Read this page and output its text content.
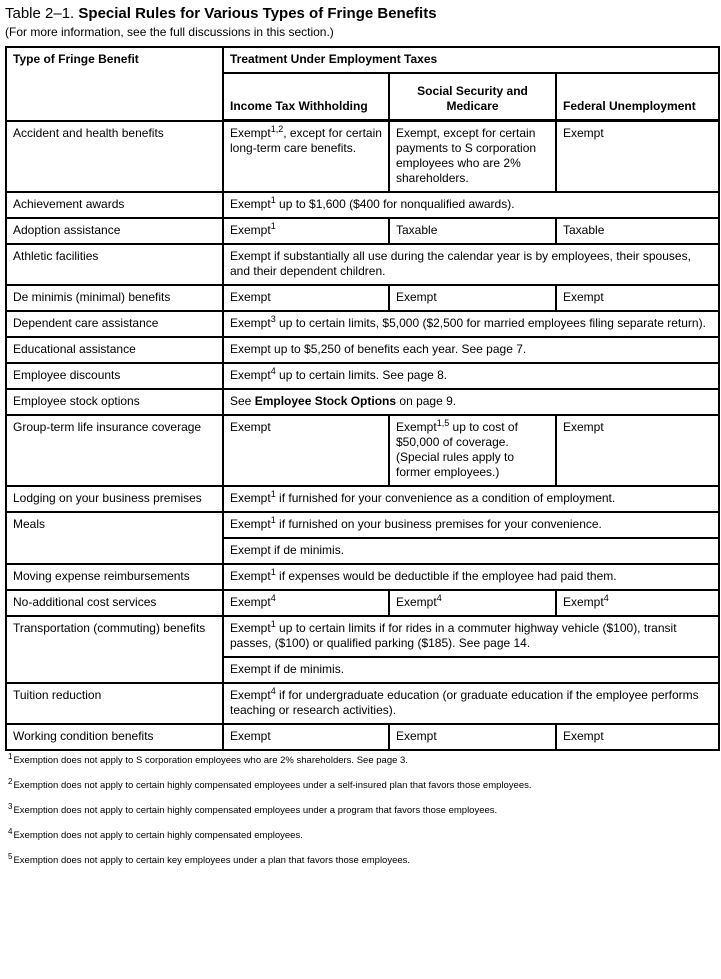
Table 2–1. Special Rules for Various Types of Fringe Benefits
(For more information, see the full discussions in this section.)
Type of Fringe Benefit	Treatment Under Employment Taxes		
	Income Tax Withholding	Social Security and Medicare	Federal Unemployment
Accident and health benefits	Exempt$^{1,2}$, except for certain long-term care benefits.	Exempt, except for certain payments to S corporation employees who are 2% shareholders.	Exempt
Achievement awards	Exempt$^1$ up to $1,600 ($400 for nonqualified awards).		
Adoption assistance	Exempt$^1$	Taxable	Taxable
Athletic facilities	Exempt if substantially all use during the calendar year is by employees, their spouses, and their dependent children.		
De minimis (minimal) benefits	Exempt	Exempt	Exempt
Dependent care assistance	Exempt$^3$ up to certain limits, $5,000 ($2,500 for married employees filing separate return).		
Educational assistance	Exempt up to $5,250 of benefits each year. See page 7.		
Employee discounts	Exempt$^4$ up to certain limits. See page 8.		
Employee stock options	See Employee Stock Options on page 9.		
Group-term life insurance coverage	Exempt	Exempt$^{1,5}$ up to cost of $50,000 of coverage. (Special rules apply to former employees.)	Exempt
Lodging on your business premises	Exempt$^1$ if furnished for your convenience as a condition of employment.		
Meals	Exempt$^1$ if furnished on your business premises for your convenience.		
	Exempt if de minimis.		
Moving expense reimbursements	Exempt$^1$ if expenses would be deductible if the employee had paid them.		
No-additional cost services	Exempt$^4$	Exempt$^4$	Exempt$^4$
Transportation (commuting) benefits	Exempt$^1$ up to certain limits if for rides in a commuter highway vehicle ($100), transit passes, ($100) or qualified parking ($185). See page 14.		
	Exempt if de minimis.		
Tuition reduction	Exempt$^4$ if for undergraduate education (or graduate education if the employee performs teaching or research activities).		
Working condition benefits	Exempt	Exempt	Exempt
$^1$Exemption does not apply to S corporation employees who are 2% shareholders. See page 3.
$^2$Exemption does not apply to certain highly compensated employees under a self-insured plan that favors those employees.
$^3$Exemption does not apply to certain highly compensated employees under a program that favors those employees.
$^4$Exemption does not apply to certain highly compensated employees.
$^5$Exemption does not apply to certain key employees under a plan that favors those employees.
